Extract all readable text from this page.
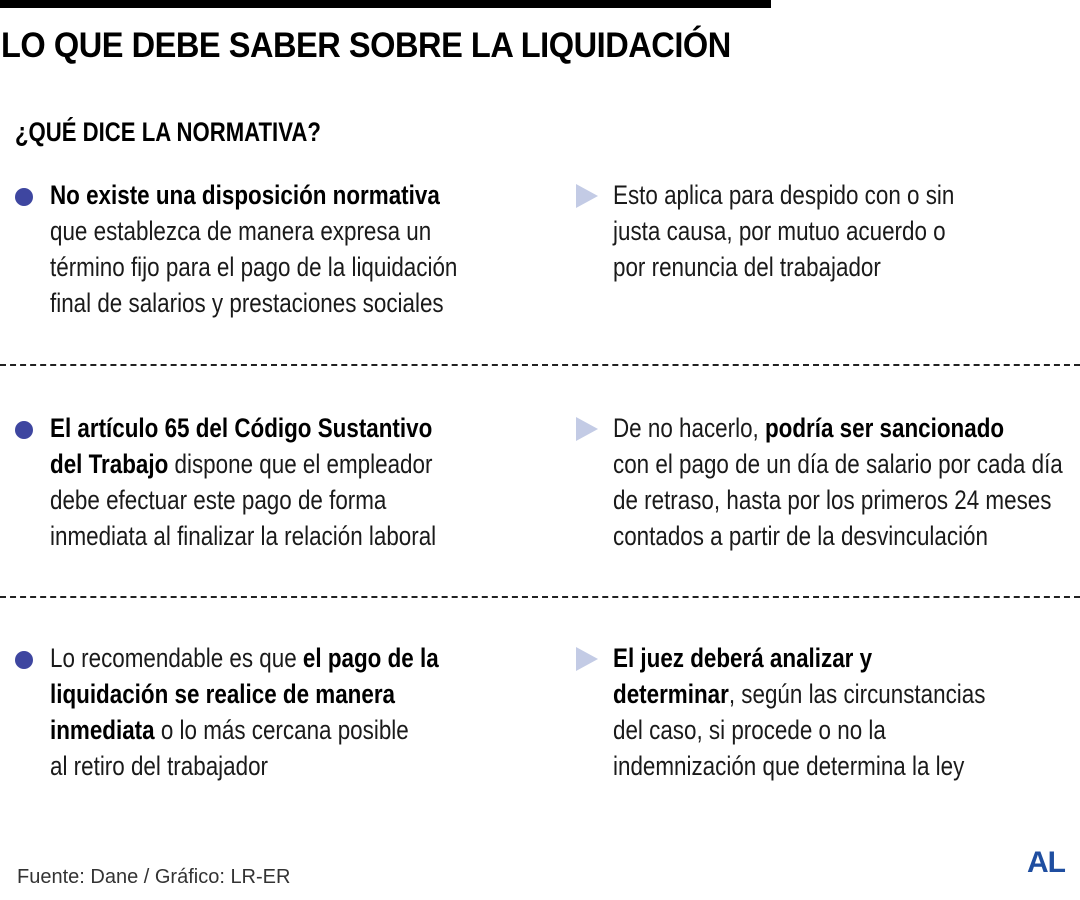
LO QUE DEBE SABER SOBRE LA LIQUIDACIÓN
¿QUÉ DICE LA NORMATIVA?
No existe una disposición normativa
que establezca de manera expresa un
término fijo para el pago de la liquidación
final de salarios y prestaciones sociales
Esto aplica para despido con o sin
justa causa, por mutuo acuerdo o
por renuncia del trabajador
El artículo 65 del Código Sustantivo
del Trabajo dispone que el empleador
debe efectuar este pago de forma
inmediata al finalizar la relación laboral
De no hacerlo, podría ser sancionado
con el pago de un día de salario por cada día
de retraso, hasta por los primeros 24 meses
contados a partir de la desvinculación
Lo recomendable es que el pago de la
liquidación se realice de manera
inmediata o lo más cercana posible
al retiro del trabajador
El juez deberá analizar y
determinar, según las circunstancias
del caso, si procede o no la
indemnización que determina la ley
Fuente: Dane / Gráfico: LR-ER	AL
